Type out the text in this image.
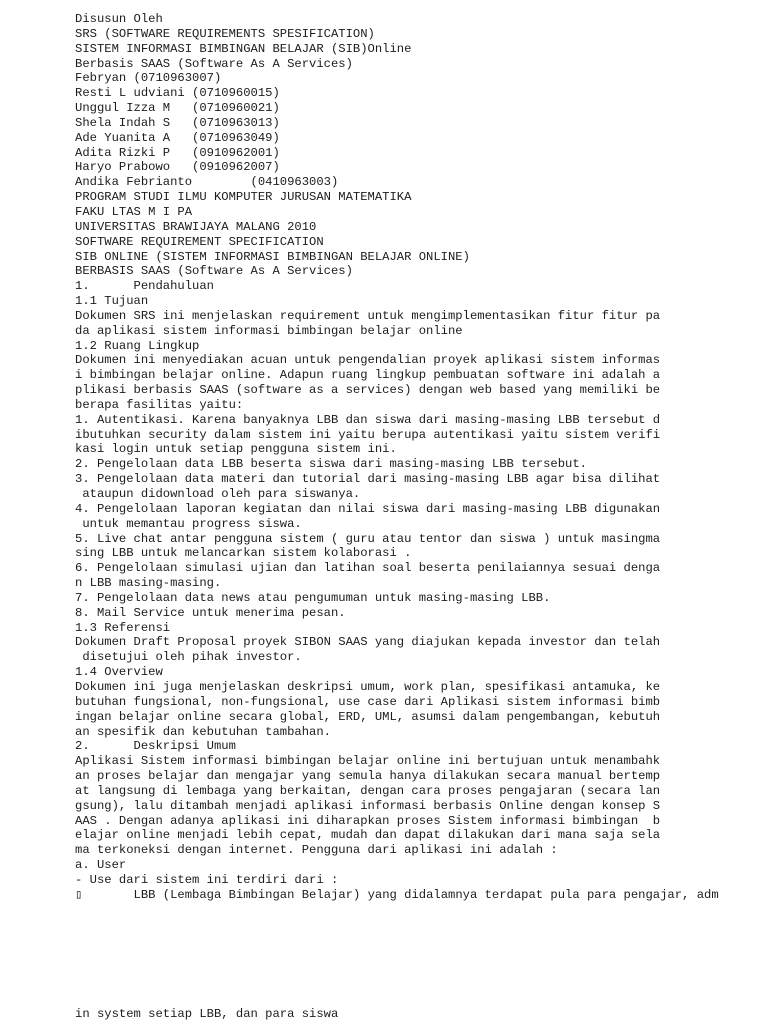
Disusun Oleh
SRS (SOFTWARE REQUIREMENTS SPESIFICATION)
SISTEM INFORMASI BIMBINGAN BELAJAR (SIB)Online
Berbasis SAAS (Software As A Services)
Febryan (0710963007)
Resti L udviani (0710960015)
Unggul Izza M   (0710960021)
Shela Indah S   (0710963013)
Ade Yuanita A   (0710963049)
Adita Rizki P   (0910962001)
Haryo Prabowo   (0910962007)
Andika Febrianto        (0410963003)
PROGRAM STUDI ILMU KOMPUTER JURUSAN MATEMATIKA
FAKU LTAS M I PA
UNIVERSITAS BRAWIJAYA MALANG 2010
SOFTWARE REQUIREMENT SPECIFICATION
SIB ONLINE (SISTEM INFORMASI BIMBINGAN BELAJAR ONLINE)
BERBASIS SAAS (Software As A Services)
1.      Pendahuluan
1.1 Tujuan
Dokumen SRS ini menjelaskan requirement untuk mengimplementasikan fitur fitur pa
da aplikasi sistem informasi bimbingan belajar online
1.2 Ruang Lingkup
Dokumen ini menyediakan acuan untuk pengendalian proyek aplikasi sistem informas
i bimbingan belajar online. Adapun ruang lingkup pembuatan software ini adalah a
plikasi berbasis SAAS (software as a services) dengan web based yang memiliki be
berapa fasilitas yaitu:
1. Autentikasi. Karena banyaknya LBB dan siswa dari masing-masing LBB tersebut d
ibutuhkan security dalam sistem ini yaitu berupa autentikasi yaitu sistem verifi
kasi login untuk setiap pengguna sistem ini.
2. Pengelolaan data LBB beserta siswa dari masing-masing LBB tersebut.
3. Pengelolaan data materi dan tutorial dari masing-masing LBB agar bisa dilihat
ataupun didownload oleh para siswanya.
4. Pengelolaan laporan kegiatan dan nilai siswa dari masing-masing LBB digunakan
untuk memantau progress siswa.
5. Live chat antar pengguna sistem ( guru atau tentor dan siswa ) untuk masingma
sing LBB untuk melancarkan sistem kolaborasi .
6. Pengelolaan simulasi ujian dan latihan soal beserta penilaiannya sesuai denga
n LBB masing-masing.
7. Pengelolaan data news atau pengumuman untuk masing-masing LBB.
8. Mail Service untuk menerima pesan.
1.3 Referensi
Dokumen Draft Proposal proyek SIBON SAAS yang diajukan kepada investor dan telah
disetujui oleh pihak investor.
1.4 Overview
Dokumen ini juga menjelaskan deskripsi umum, work plan, spesifikasi antamuka, ke
butuhan fungsional, non-fungsional, use case dari Aplikasi sistem informasi bimb
ingan belajar online secara global, ERD, UML, asumsi dalam pengembangan, kebutuh
an spesifik dan kebutuhan tambahan.
2.      Deskripsi Umum
Aplikasi Sistem informasi bimbingan belajar online ini bertujuan untuk menambahk
an proses belajar dan mengajar yang semula hanya dilakukan secara manual bertemp
at langsung di lembaga yang berkaitan, dengan cara proses pengajaran (secara lan
gsung), lalu ditambah menjadi aplikasi informasi berbasis Online dengan konsep S
AAS . Dengan adanya aplikasi ini diharapkan proses Sistem informasi bimbingan  b
elajar online menjadi lebih cepat, mudah dan dapat dilakukan dari mana saja sela
ma terkoneksi dengan internet. Pengguna dari aplikasi ini adalah :
a. User
- Use dari sistem ini terdiri dari :
▯       LBB (Lembaga Bimbingan Belajar) yang didalamnya terdapat pula para pengajar, adm
in system setiap LBB, dan para siswa
